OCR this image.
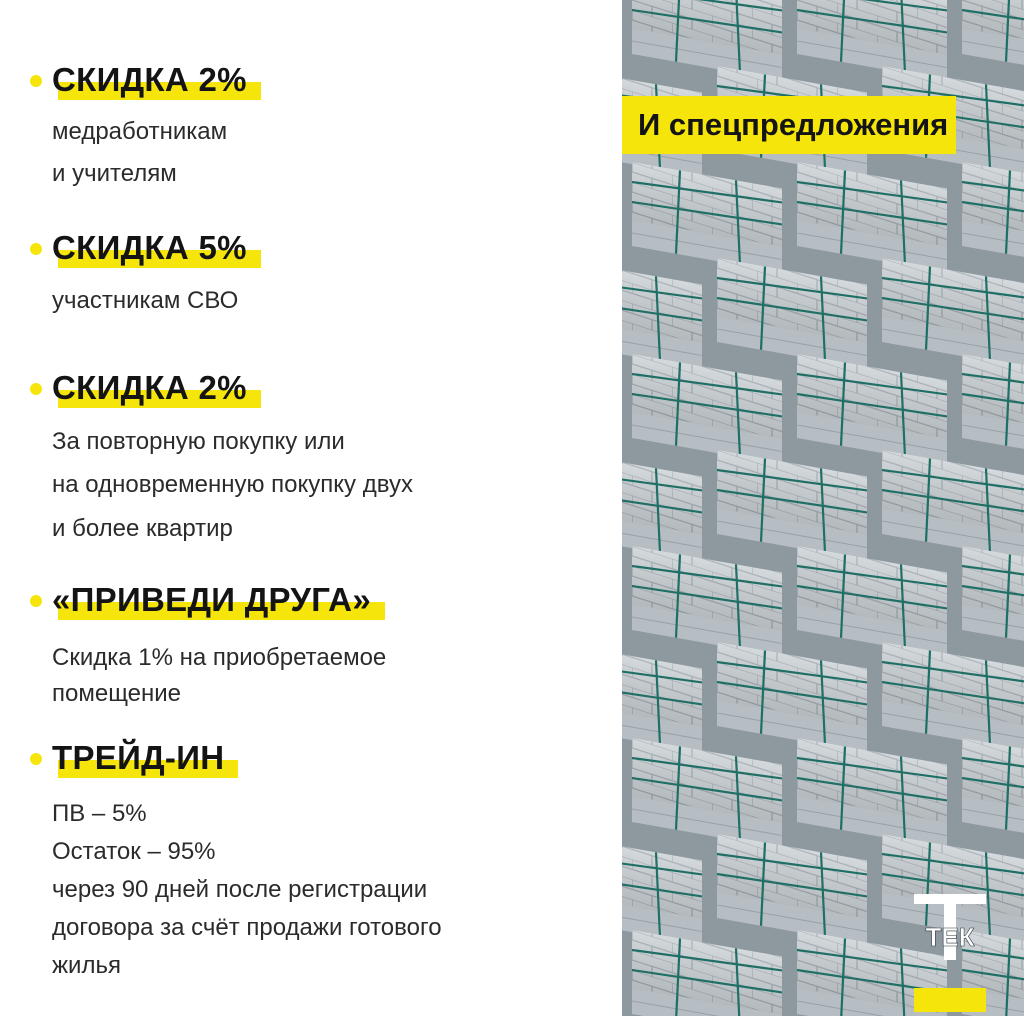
СКИДКА 2%
медработникам
и учителям
СКИДКА 5%
участникам СВО
СКИДКА 2%
За повторную покупку или
на одновременную покупку двух
и более квартир
«ПРИВЕДИ ДРУГА»
Скидка 1% на приобретаемое
помещение
ТРЕЙД-ИН
ПВ – 5%
Остаток – 95%
через 90 дней после регистрации
договора за счёт продажи готового
жилья
И спецпредложения
ТЕК
